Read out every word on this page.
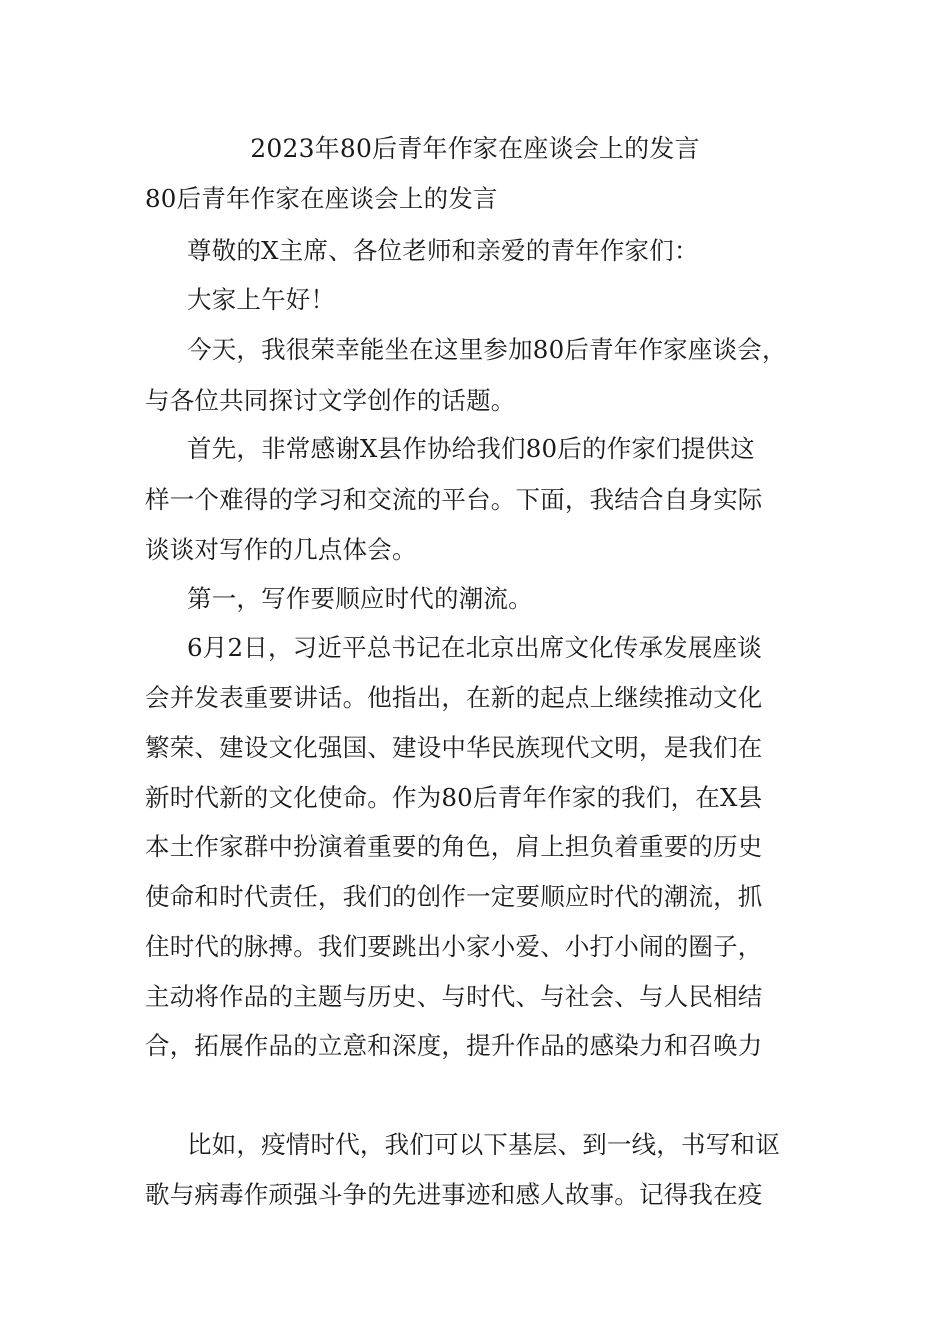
2023年80后青年作家在座谈会上的发言
80后青年作家在座谈会上的发言
尊敬的X主席、各位老师和亲爱的青年作家们：
大家上午好！
今天，我很荣幸能坐在这里参加80后青年作家座谈会，
与各位共同探讨文学创作的话题。
首先，非常感谢X县作协给我们80后的作家们提供这
样一个难得的学习和交流的平台。下面，我结合自身实际
谈谈对写作的几点体会。
第一，写作要顺应时代的潮流。
6月2日，习近平总书记在北京出席文化传承发展座谈
会并发表重要讲话。他指出，在新的起点上继续推动文化
繁荣、建设文化强国、建设中华民族现代文明，是我们在
新时代新的文化使命。作为80后青年作家的我们，在X县
本土作家群中扮演着重要的角色，肩上担负着重要的历史
使命和时代责任，我们的创作一定要顺应时代的潮流，抓
住时代的脉搏。我们要跳出小家小爱、小打小闹的圈子，
主动将作品的主题与历史、与时代、与社会、与人民相结
合，拓展作品的立意和深度，提升作品的感染力和召唤力
比如，疫情时代，我们可以下基层、到一线，书写和讴
歌与病毒作顽强斗争的先进事迹和感人故事。记得我在疫
